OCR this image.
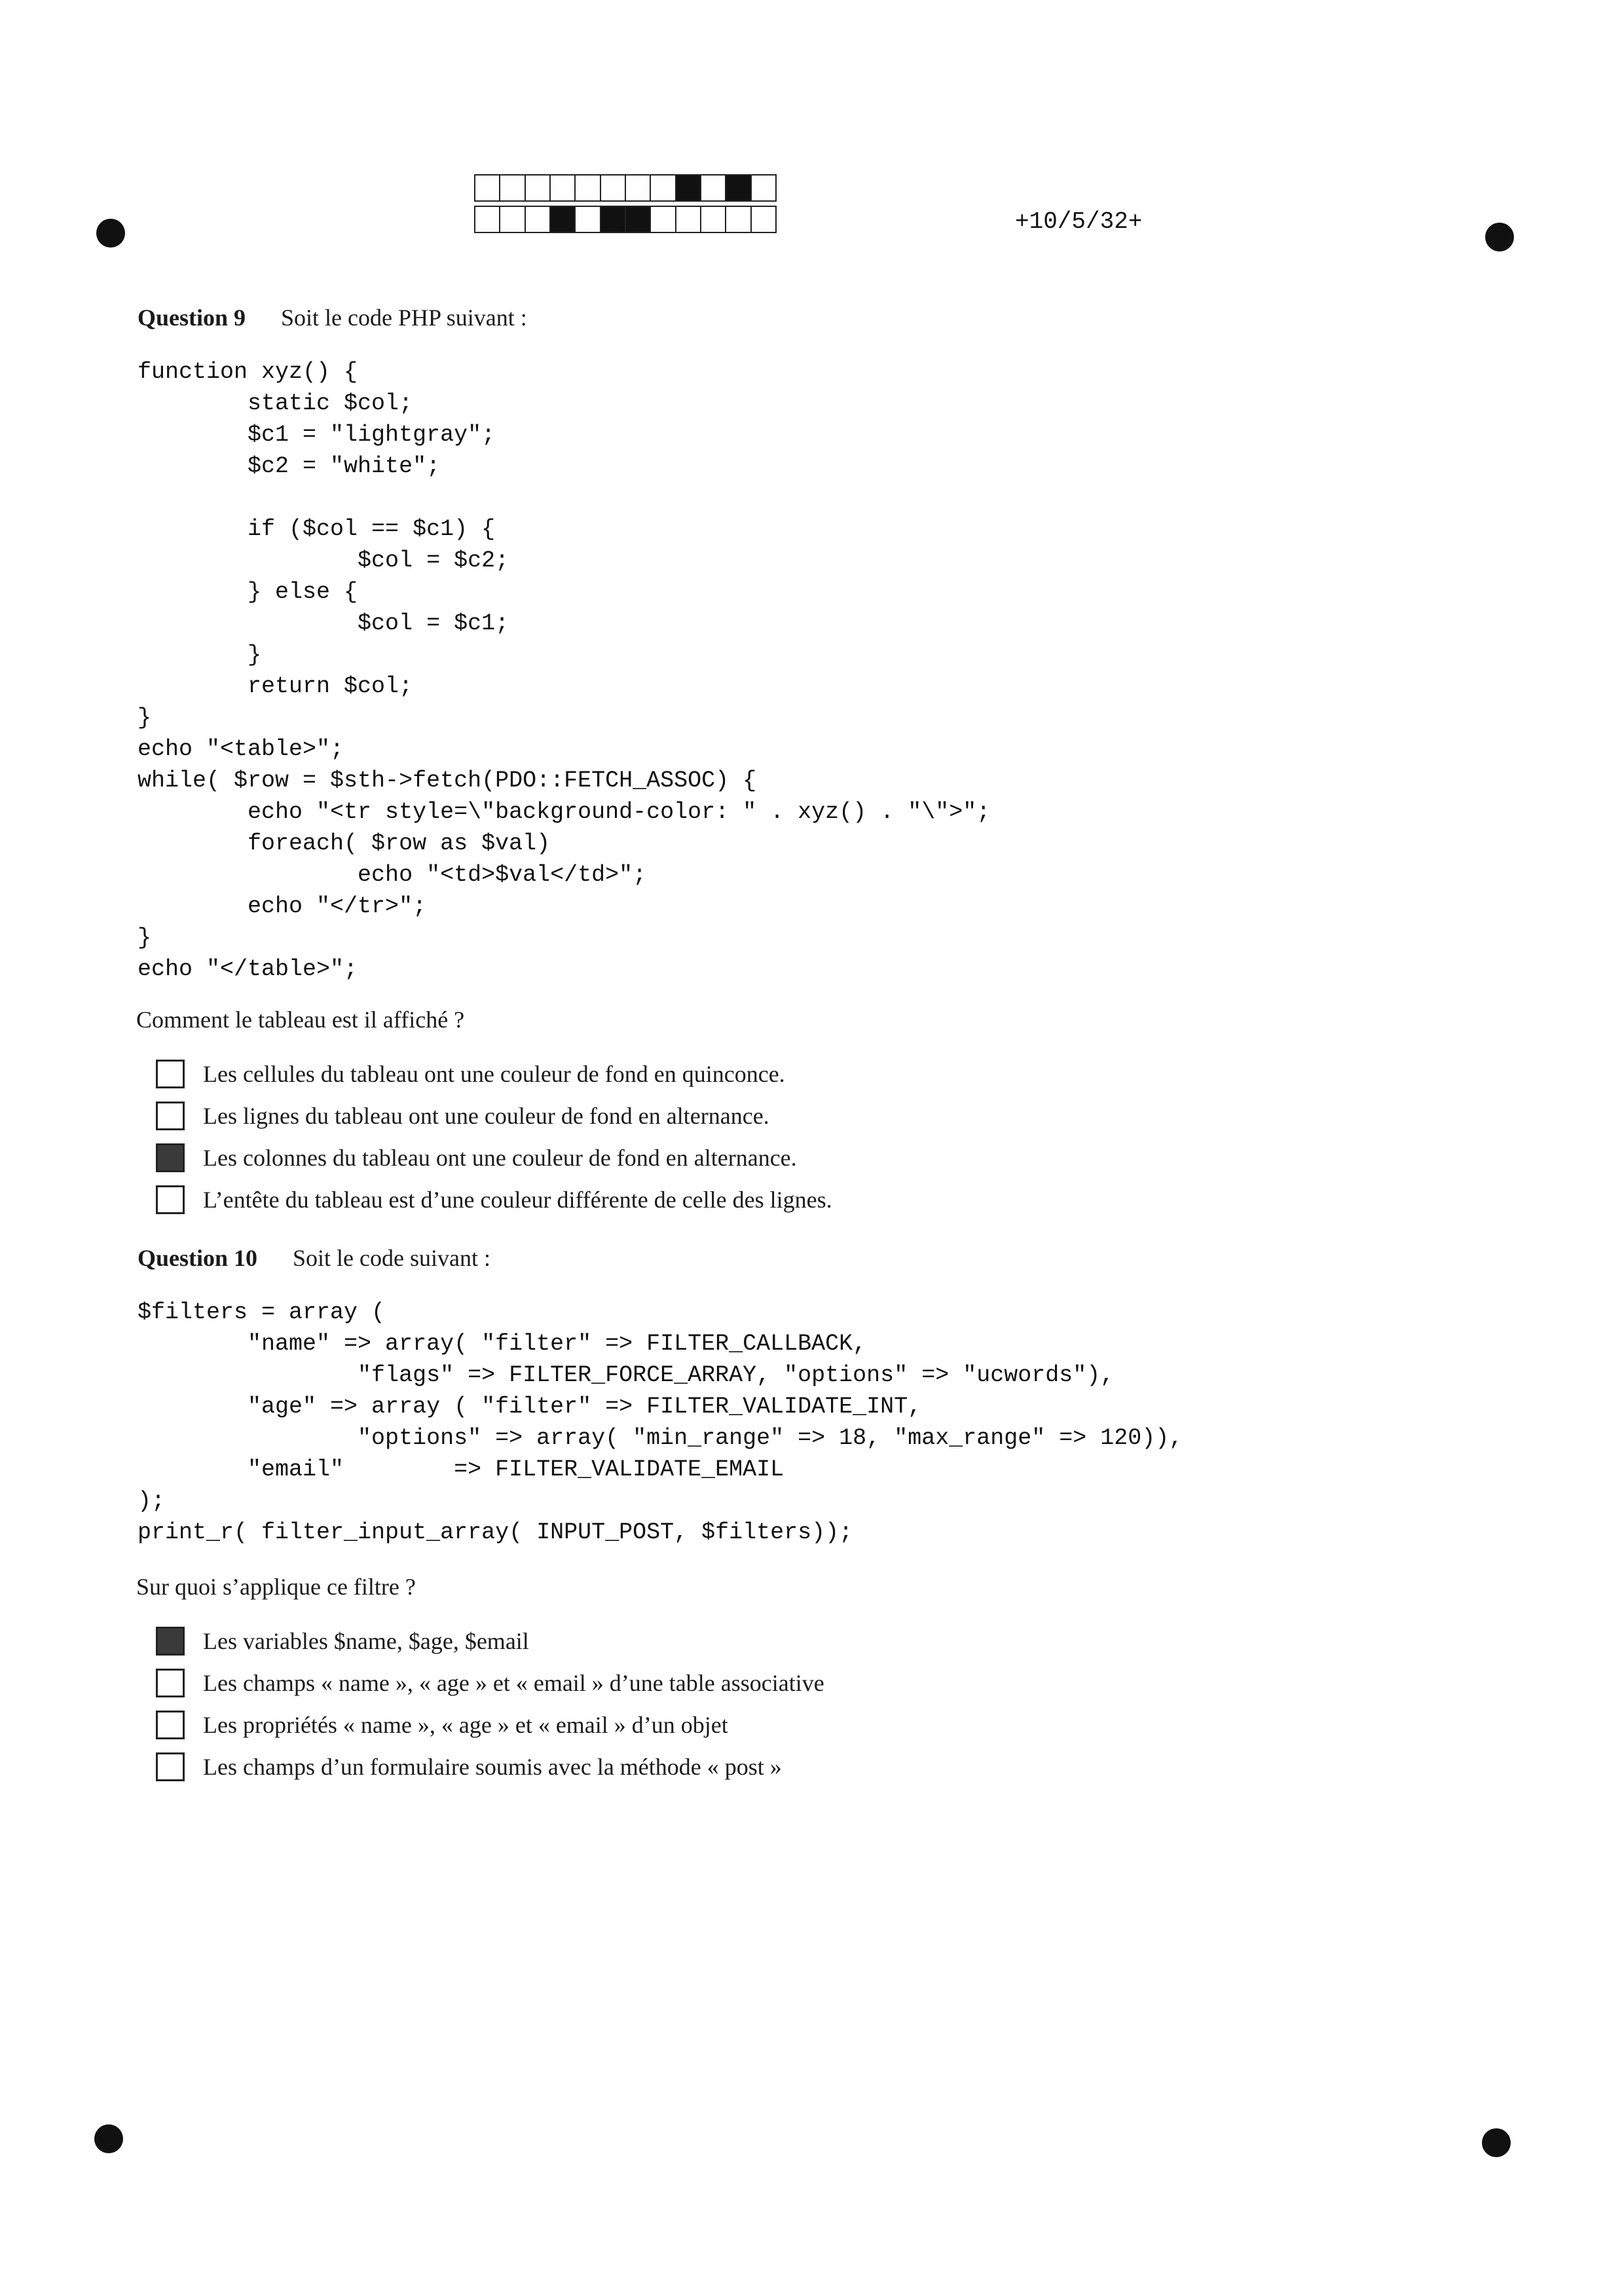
+10/5/32+
Question 9 Soit le code PHP suivant :
function xyz() {
static $col;
$c1 = "lightgray";
$c2 = "white";

if ($col == $c1) {
$col = $c2;
} else {
$col = $c1;
}
return $col;
}
echo "<table>";
while( $row = $sth->fetch(PDO::FETCH_ASSOC) {
echo "<tr style=\"background-color: " . xyz() . "\">";
foreach( $row as $val)
echo "<td>$val</td>";
echo "</tr>";
}
echo "</table>";
Comment le tableau est il affiché ?
Les cellules du tableau ont une couleur de fond en quinconce.
Les lignes du tableau ont une couleur de fond en alternance.
Les colonnes du tableau ont une couleur de fond en alternance.
L’entête du tableau est d’une couleur différente de celle des lignes.
Question 10 Soit le code suivant :
$filters = array (
"name" => array( "filter" => FILTER_CALLBACK,
"flags" => FILTER_FORCE_ARRAY, "options" => "ucwords"),
"age" => array ( "filter" => FILTER_VALIDATE_INT,
"options" => array( "min_range" => 18, "max_range" => 120)),
"email"        => FILTER_VALIDATE_EMAIL
);
print_r( filter_input_array( INPUT_POST, $filters));
Sur quoi s’applique ce filtre ?
Les variables $name, $age, $email
Les champs « name », « age » et « email » d’une table associative
Les propriétés « name », « age » et « email » d’un objet
Les champs d’un formulaire soumis avec la méthode « post »
